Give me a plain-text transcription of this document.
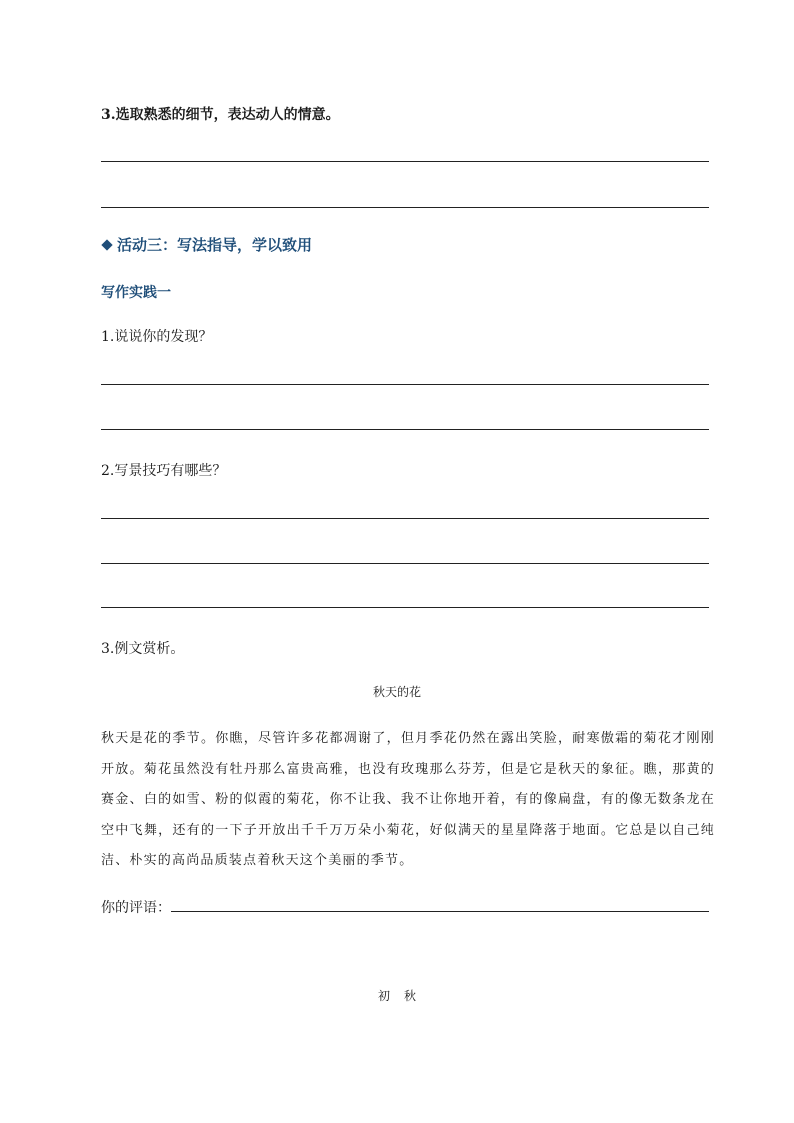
3.选取熟悉的细节，表达动人的情意。
活动三：写法指导，学以致用
写作实践一
1.说说你的发现？
2.写景技巧有哪些？
3.例文赏析。
秋天的花
秋天是花的季节。你瞧，尽管许多花都凋谢了，但月季花仍然在露出笑脸，耐寒傲霜的菊花才刚刚开放。菊花虽然没有牡丹那么富贵高雅，也没有玫瑰那么芬芳，但是它是秋天的象征。瞧，那黄的赛金、白的如雪、粉的似霞的菊花，你不让我、我不让你地开着，有的像扁盘，有的像无数条龙在空中飞舞，还有的一下子开放出千千万万朵小菊花，好似满天的星星降落于地面。它总是以自己纯洁、朴实的高尚品质装点着秋天这个美丽的季节。
你的评语：
初秋
